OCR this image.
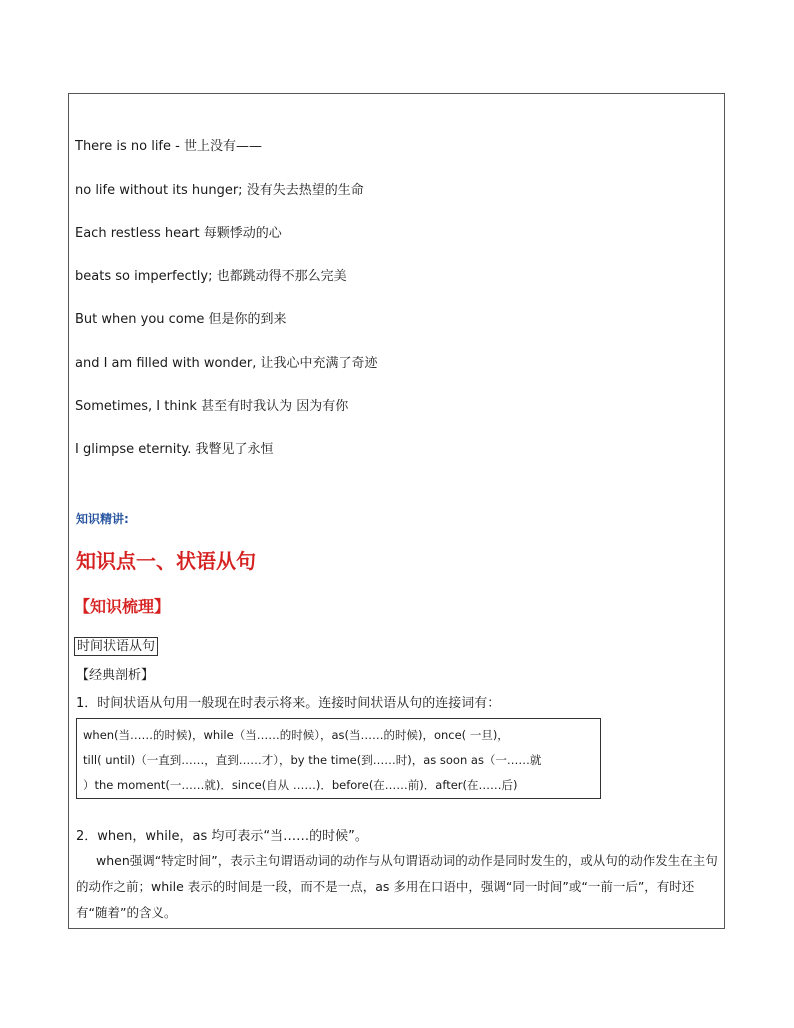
There is no life - 世上没有——
no life without its hunger; 没有失去热望的生命
Each restless heart 每颗悸动的心
beats so imperfectly; 也都跳动得不那么完美
But when you come 但是你的到来
and I am filled with wonder, 让我心中充满了奇迹
Sometimes, I think 甚至有时我认为 因为有你
I glimpse eternity. 我瞥见了永恒
知识精讲:
知识点一、状语从句
【知识梳理】
时间状语从句
【经典剖析】
1．时间状语从句用一般现在时表示将来。连接时间状语从句的连接词有：
when(当……的时候)，while（当……的时候），as(当……的时候)，once( 一旦)，
till( until)（一直到……，直到……才），by the time(到……时)，as soon as（一……就
）the moment(一……就)．since(自从 ……)．before(在……前)．after(在……后)
2．when，while，as 均可表示“当……的时候”。
when强调“特定时间”，表示主句谓语动词的动作与从句谓语动词的动作是同时发生的，或从句的动作发生在主句的动作之前；while 表示的时间是一段，而不是一点，as 多用在口语中，强调“同一时间”或“一前一后”，有时还有“随着”的含义。
